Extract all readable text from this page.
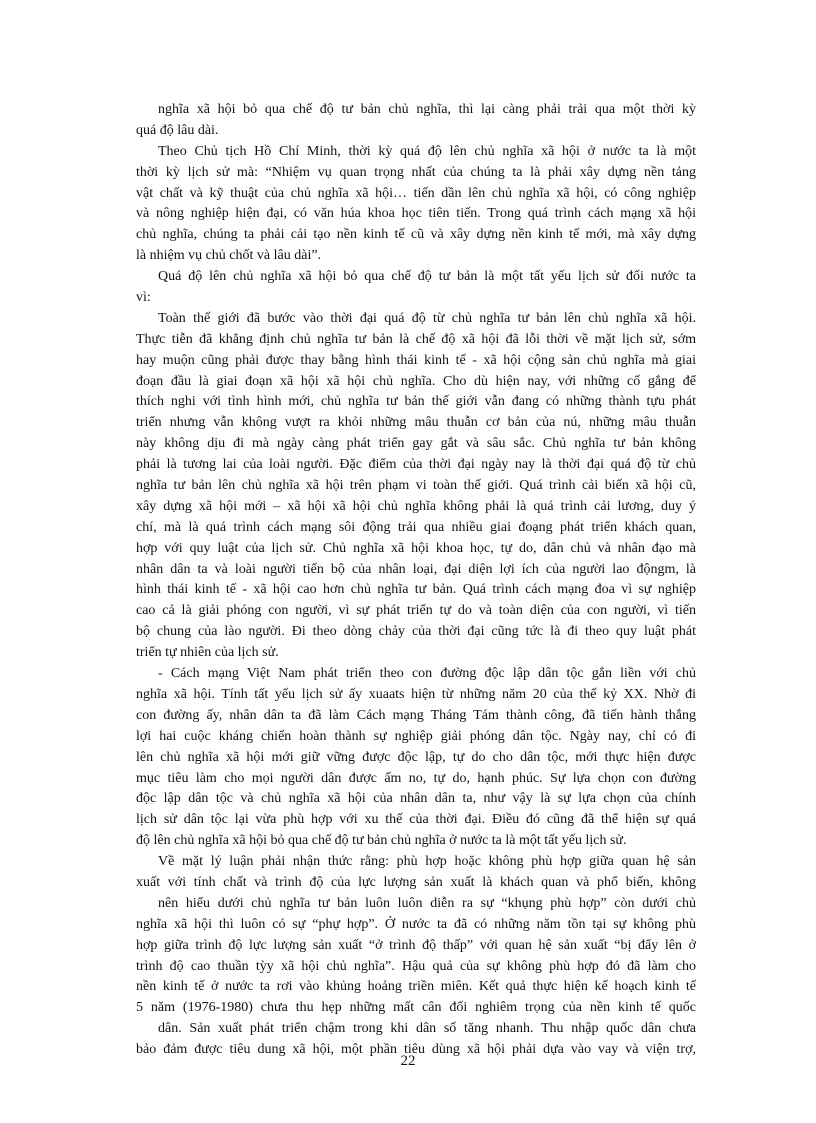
nghĩa xã hội bỏ qua chế độ tư bản chủ nghĩa, thì lại càng phải trải qua một thời kỳ
quá độ lâu dài.
Theo Chủ tịch Hồ Chí Minh, thời kỳ quá độ lên chủ nghĩa xã hội ở nước ta là một
thời kỳ lịch sử mà: “Nhiệm vụ quan trọng nhất của chúng ta là phải xây dựng nền tảng
vật chất và kỹ thuật của chủ nghĩa xã hội… tiến dần lên chủ nghĩa xã hội, có công nghiệp
và nông nghiệp hiện đại, có văn húa khoa học tiên tiến. Trong quá trình cách mạng xã hội
chủ nghĩa, chúng ta phải cải tạo nền kinh tế cũ và xây dựng nền kinh tế mới, mà xây dựng
là nhiệm vụ chủ chốt và lâu dài”.
Quá độ lên chủ nghĩa xã hội bỏ qua chế độ tư bản là một tất yếu lịch sử đối nước ta
vì:
Toàn thế giới đã bước vào thời đại quá độ từ chủ nghĩa tư bản lên chủ nghĩa xã hội.
Thực tiễn đã khẳng định chủ nghĩa tư bản là chế độ xã hội đã lỗi thời về mặt lịch sử, sớm
hay muộn cũng phải được thay bằng hình thái kinh tế - xã hội cộng sản chủ nghĩa mà giai
đoạn đầu là giai đoạn xã hội xã hội chủ nghĩa. Cho dù hiện nay, với những cố gắng để
thích nghi với tình hình mới, chủ nghĩa tư bản thế giới vẫn đang có những thành tựu phát
triển nhưng vẫn không vượt ra khỏi những mâu thuẫn cơ bản của nú, những mâu thuẫn
này không dịu đi mà ngày càng phát triển gay gắt và sâu sắc. Chủ nghĩa tư bản không
phải là tương lai của loài người. Đặc điểm của thời đại ngày nay là thời đại quá độ từ chủ
nghĩa tư bản lên chủ nghĩa xã hội trên phạm vi toàn thế giới. Quá trình cải biến xã hội cũ,
xây dựng xã hội mới – xã hội xã hội chủ nghĩa không phải là quá trình cải lương, duy ý
chí, mà là quá trình cách mạng sôi động trải qua nhiều giai đoạng phát triển khách quan,
hợp với quy luật của lịch sử. Chủ nghĩa xã hội khoa học, tự do, dân chủ và nhân đạo mà
nhân dân ta và loài người tiến bộ của nhân loại, đại diện lợi ích của người lao độngm, là
hình thái kinh tế - xã hội cao hơn chủ nghĩa tư bản. Quá trình cách mạng đoa vì sự nghiệp
cao cả là giải phóng con người, vì sự phát triển tự do và toàn diện của con người, vì tiến
bộ chung của lào người. Đi theo dòng chảy của thời đại cũng tức là đi theo quy luật phát
triển tự nhiên của lịch sử.
- Cách mạng Việt Nam phát triển theo con đường độc lập dân tộc gắn liền với chủ
nghĩa xã hội. Tính tất yếu lịch sử ấy xuaats hiện từ những năm 20 của thế kỷ XX. Nhờ đi
con đường ấy, nhân dân ta đã làm Cách mạng Tháng Tám thành công, đã tiến hành thắng
lợi hai cuộc kháng chiến hoàn thành sự nghiệp giải phóng dân tộc. Ngày nay, chỉ có đi
lên chủ nghĩa xã hội mới giữ vững được độc lập, tự do cho dân tộc, mới thực hiện được
mục tiêu làm cho mọi người dân được ấm no, tự do, hạnh phúc. Sự lựa chọn con đường
độc lập dân tộc và chủ nghĩa xã hội của nhân dân ta, như vậy là sự lựa chọn của chính
lịch sử dân tộc lại vừa phù hợp với xu thế của thời đại. Điều đó cũng đã thể hiện sự quá
độ lên chủ nghĩa xã hội bỏ qua chế độ tư bản chủ nghĩa ở nước ta là một tất yếu lịch sử.
Về mặt lý luận phải nhận thức rằng: phù hợp hoặc không phù hợp giữa quan hệ sản
xuất với tính chất và trình độ của lực lượng sản xuất là khách quan và phổ biến, không
nên hiểu dưới chủ nghĩa tư bản luôn luôn diễn ra sự “khụng phù hợp” còn dưới chủ
nghĩa xã hội thì luôn có sự “phự hợp”. Ở nước ta đã có những năm tồn tại sự không phù
hợp giữa trình độ lực lượng sản xuất “ở trình độ thấp” với quan hệ sản xuất “bị đẩy lên ở
trình độ cao thuần tỳy xã hội chủ nghĩa”. Hậu quả của sự không phù hợp đó đã làm cho
nền kinh tế ở nước ta rơi vào khủng hoảng triền miên. Kết quả thực hiện kế hoạch kinh tế
5 năm (1976-1980) chưa thu hẹp những mất cân đối nghiêm trọng của nền kinh tế quốc
dân. Sản xuất phát triển chậm trong khi dân số tăng nhanh. Thu nhập quốc dân chưa
bảo đảm được tiêu dung xã hội, một phần tiêu dùng xã hội phải dựa vào vay và viện trợ,
22
